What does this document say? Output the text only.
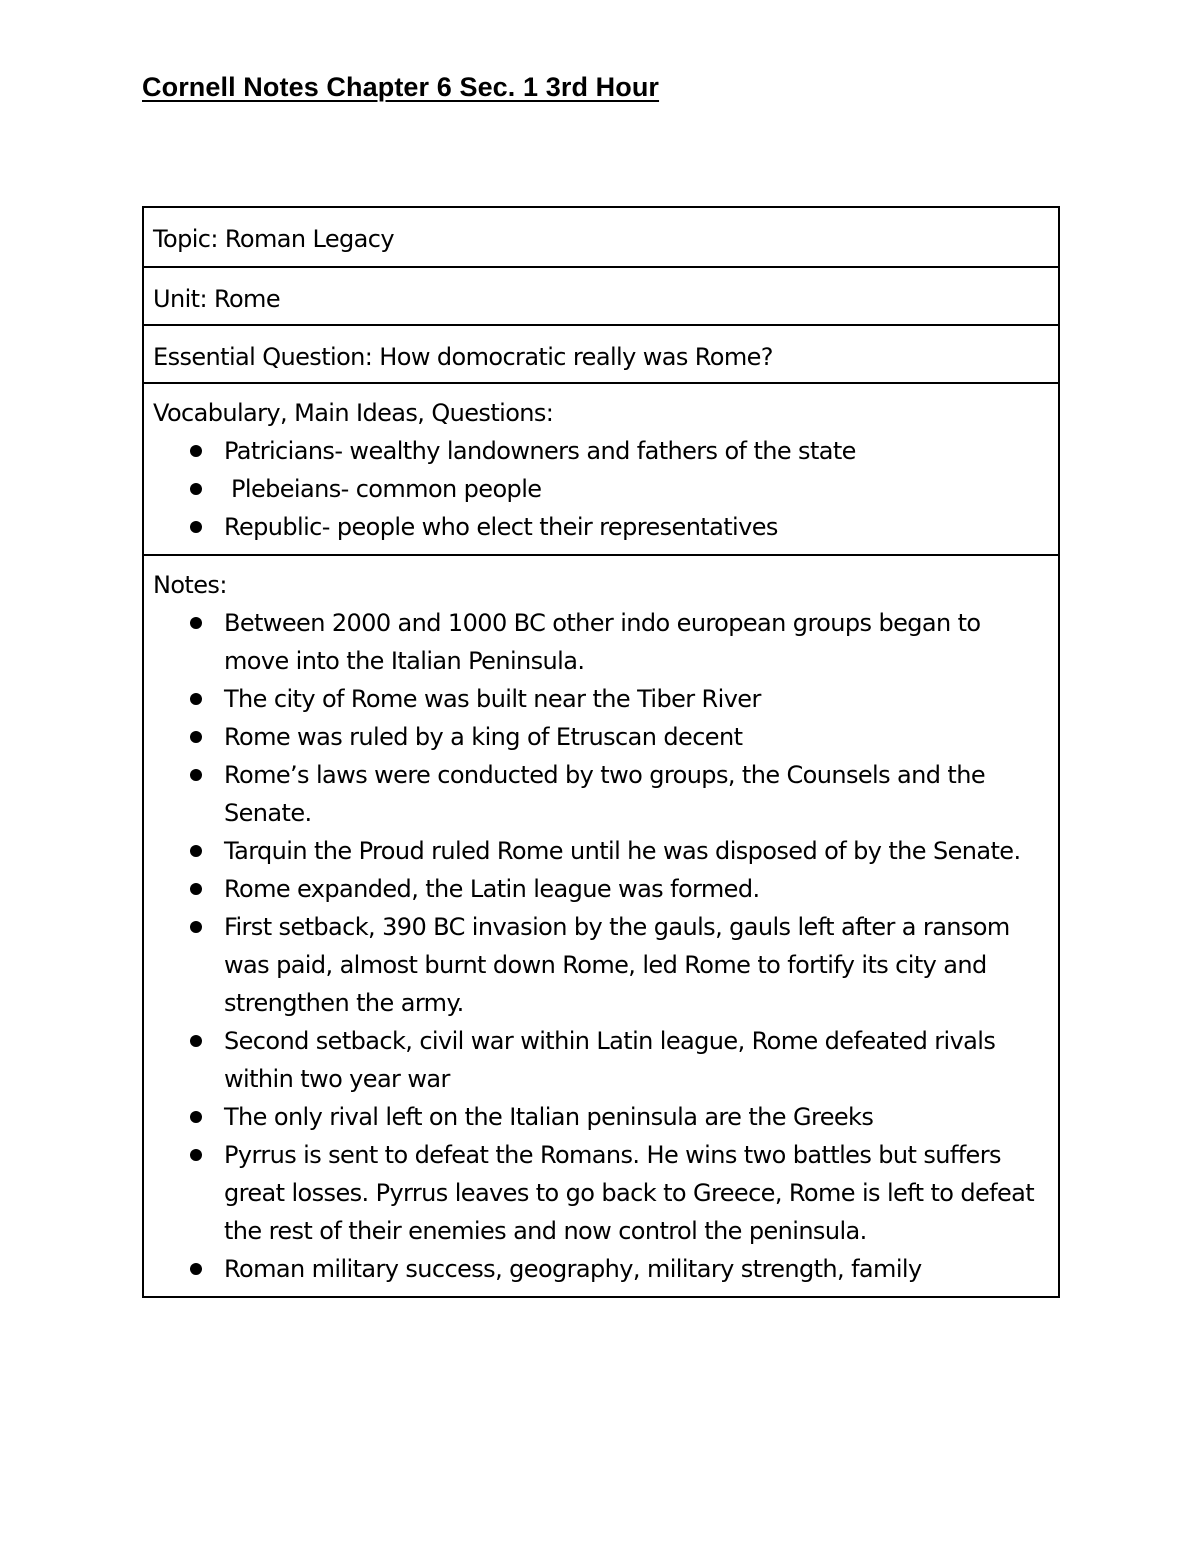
Cornell Notes Chapter 6 Sec. 1 3rd Hour
Topic: Roman Legacy
Unit: Rome
Essential Question: How domocratic really was Rome?
Vocabulary, Main Ideas, Questions:
Patricians- wealthy landowners and fathers of the state
Plebeians- common people
Republic- people who elect their representatives
Notes:
Between 2000 and 1000 BC other indo european groups began to move into the Italian Peninsula.
The city of Rome was built near the Tiber River
Rome was ruled by a king of Etruscan decent
Rome’s laws were conducted by two groups, the Counsels and the Senate.
Tarquin the Proud ruled Rome until he was disposed of by the Senate.
Rome expanded, the Latin league was formed.
First setback, 390 BC invasion by the gauls, gauls left after a ransom was paid, almost burnt down Rome, led Rome to fortify its city and strengthen the army.
Second setback, civil war within Latin league, Rome defeated rivals within two year war
The only rival left on the Italian peninsula are the Greeks
Pyrrus is sent to defeat the Romans. He wins two battles but suffers great losses. Pyrrus leaves to go back to Greece, Rome is left to defeat the rest of their enemies and now control the peninsula.
Roman military success, geography, military strength, family
